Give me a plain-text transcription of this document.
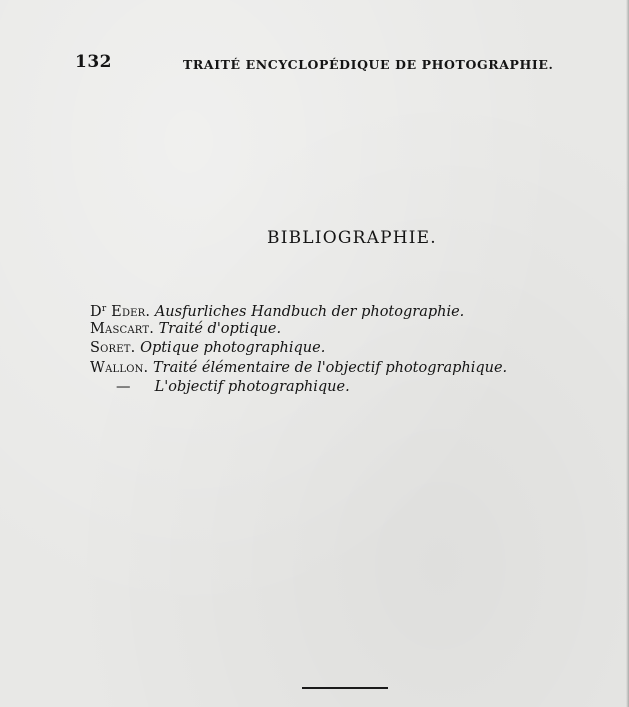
132	TRAITÉ ENCYCLOPÉDIQUE DE PHOTOGRAPHIE.
BIBLIOGRAPHIE.
$D^r$ Eder. Ausfurliches Handbuch der photographie.
Mascart. Traité d'optique.
Soret. Optique photographique.
Wallon. Traité élémentaire de l'objectif photographique.
— L'objectif photographique.
